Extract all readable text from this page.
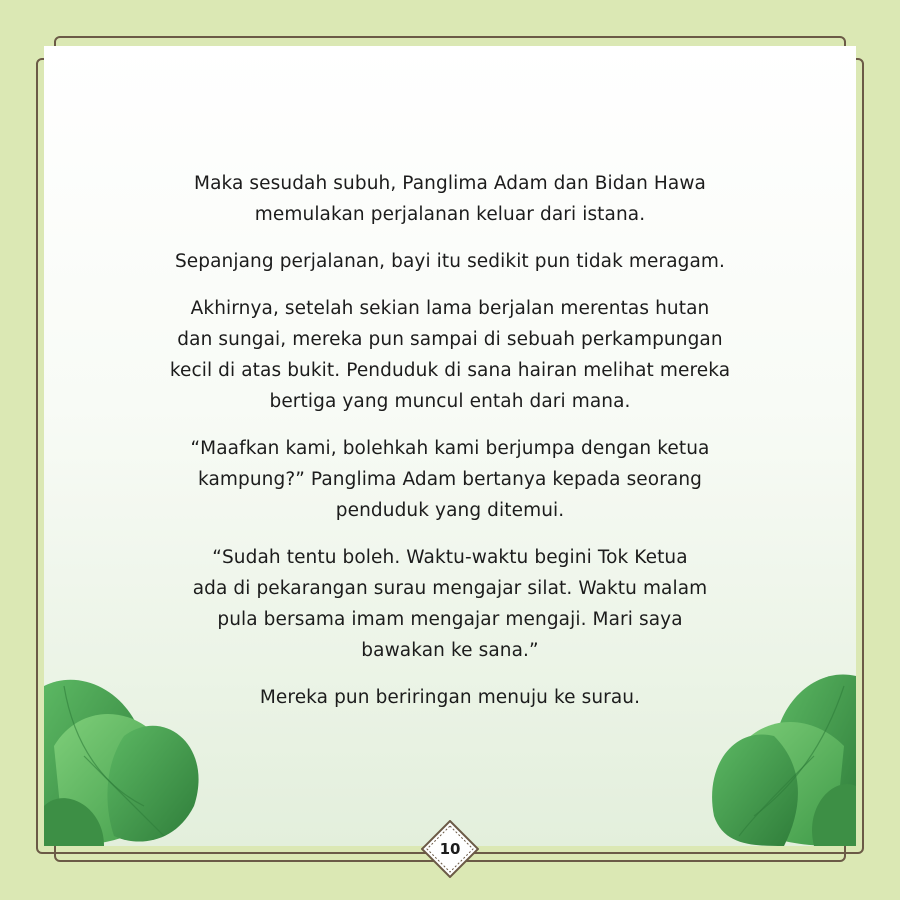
Maka sesudah subuh, Panglima Adam dan Bidan Hawa
memulakan perjalanan keluar dari istana.

Sepanjang perjalanan, bayi itu sedikit pun tidak meragam.

Akhirnya, setelah sekian lama berjalan merentas hutan
dan sungai, mereka pun sampai di sebuah perkampungan
kecil di atas bukit. Penduduk di sana hairan melihat mereka
bertiga yang muncul entah dari mana.

“Maafkan kami, bolehkah kami berjumpa dengan ketua
kampung?” Panglima Adam bertanya kepada seorang
penduduk yang ditemui.

“Sudah tentu boleh. Waktu-waktu begini Tok Ketua
ada di pekarangan surau mengajar silat. Waktu malam
pula bersama imam mengajar mengaji. Mari saya
bawakan ke sana.”

Mereka pun beriringan menuju ke surau.

10
